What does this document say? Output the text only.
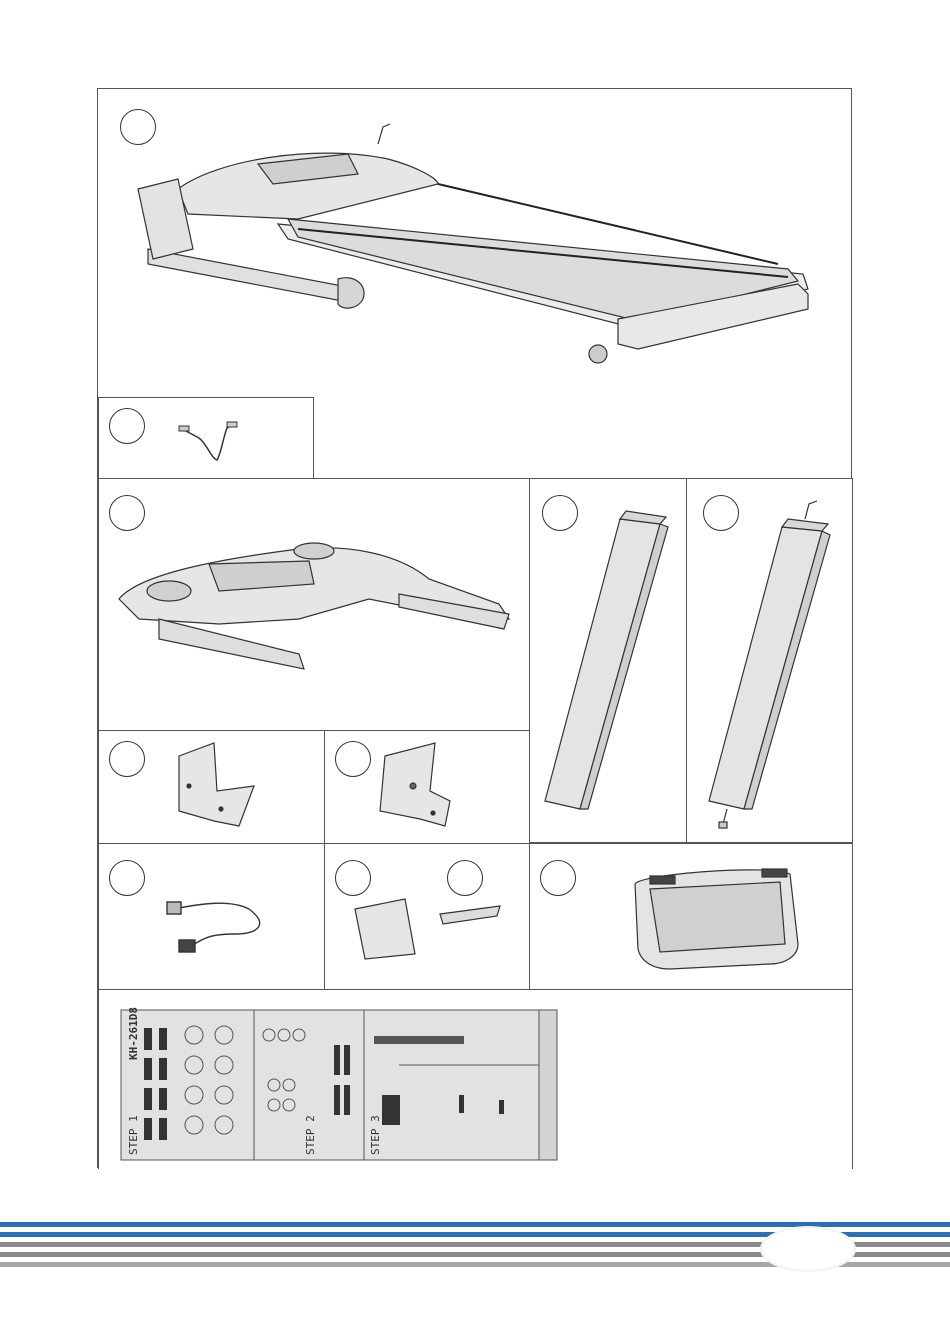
KH-261D8
STEP 1	STEP 2	STEP 3
